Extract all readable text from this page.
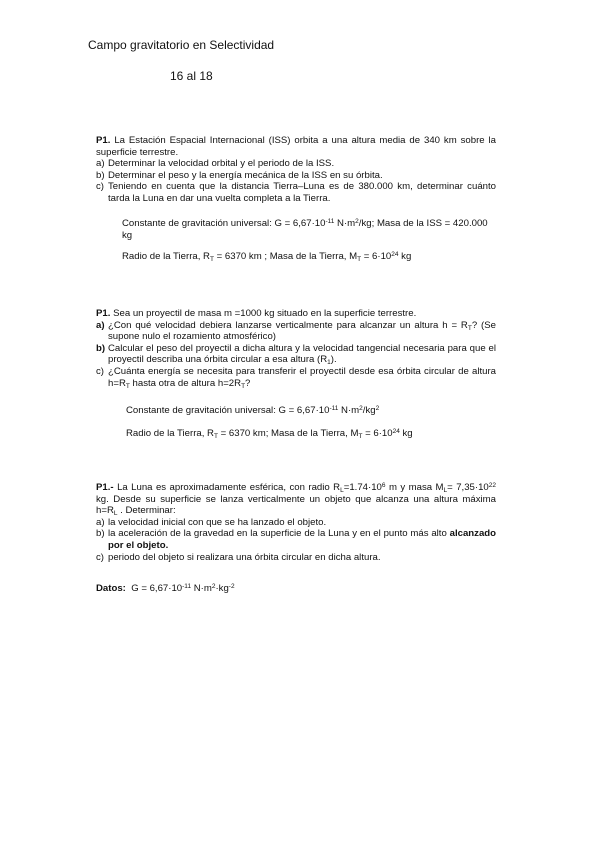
Campo gravitatorio en Selectividad
16 al 18
P1. La Estación Espacial Internacional (ISS) orbita a una altura media de 340 km sobre la superficie terrestre.
a) Determinar la velocidad orbital y el periodo de la ISS.
b) Determinar el peso y la energía mecánica de la ISS en su órbita.
c) Teniendo en cuenta que la distancia Tierra–Luna es de 380.000 km, determinar cuánto tarda la Luna en dar una vuelta completa a la Tierra.
Constante de gravitación universal: $G = 6,67\cdot 10^{-11}$ $N\cdot m^2/kg$; Masa de la ISS = 420.000 kg
Radio de la Tierra, $R_T = 6370$ km ; Masa de la Tierra, $M_T = 6\cdot 10^{24}$ kg
P1. Sea un proyectil de masa m =1000 kg situado en la superficie terrestre.
a) ¿Con qué velocidad debiera lanzarse verticalmente para alcanzar un altura $h = R_T$? (Se supone nulo el rozamiento atmosférico)
b) Calcular el peso del proyectil a dicha altura y la velocidad tangencial necesaria para que el proyectil describa una órbita circular a esa altura $(R_1)$.
c) ¿Cuánta energía se necesita para transferir el proyectil desde esa órbita circular de altura $h=R_T$ hasta otra de altura $h=2R_T$?
Constante de gravitación universal: $G = 6,67\cdot 10^{-11}$ $N\cdot m^2/kg^2$
Radio de la Tierra, $R_T = 6370$ km; Masa de la Tierra, $M_T = 6\cdot 10^{24}$ kg
P1.- La Luna es aproximadamente esférica, con radio $R_L=1.74\cdot 10^6$ m y masa $M_L= 7,35\cdot 10^{22}$ kg. Desde su superficie se lanza verticalmente un objeto que alcanza una altura máxima $h=R_L$ . Determinar:
a) la velocidad inicial con que se ha lanzado el objeto.
b) la aceleración de la gravedad en la superficie de la Luna y en el punto más alto alcanzado por el objeto.
c) periodo del objeto si realizara una órbita circular en dicha altura.
Datos: $G = 6,67\cdot 10^{-11}$ $N\cdot m^2\cdot kg^{-2}$
